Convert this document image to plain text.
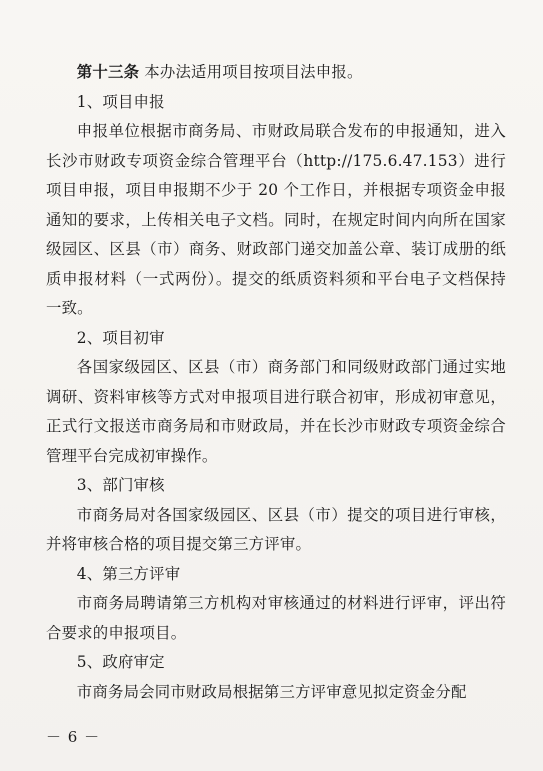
第十三条 本办法适用项目按项目法申报。

1、项目申报

申报单位根据市商务局、市财政局联合发布的申报通知，进入长沙市财政专项资金综合管理平台（http://175.6.47.153）进行项目申报，项目申报期不少于 20 个工作日，并根据专项资金申报通知的要求，上传相关电子文档。同时，在规定时间内向所在国家级园区、区县（市）商务、财政部门递交加盖公章、装订成册的纸质申报材料（一式两份）。提交的纸质资料须和平台电子文档保持一致。

2、项目初审

各国家级园区、区县（市）商务部门和同级财政部门通过实地调研、资料审核等方式对申报项目进行联合初审，形成初审意见，正式行文报送市商务局和市财政局，并在长沙市财政专项资金综合管理平台完成初审操作。

3、部门审核

市商务局对各国家级园区、区县（市）提交的项目进行审核，并将审核合格的项目提交第三方评审。

4、第三方评审

市商务局聘请第三方机构对审核通过的材料进行评审，评出符合要求的申报项目。

5、政府审定

市商务局会同市财政局根据第三方评审意见拟定资金分配

－ 6 －
